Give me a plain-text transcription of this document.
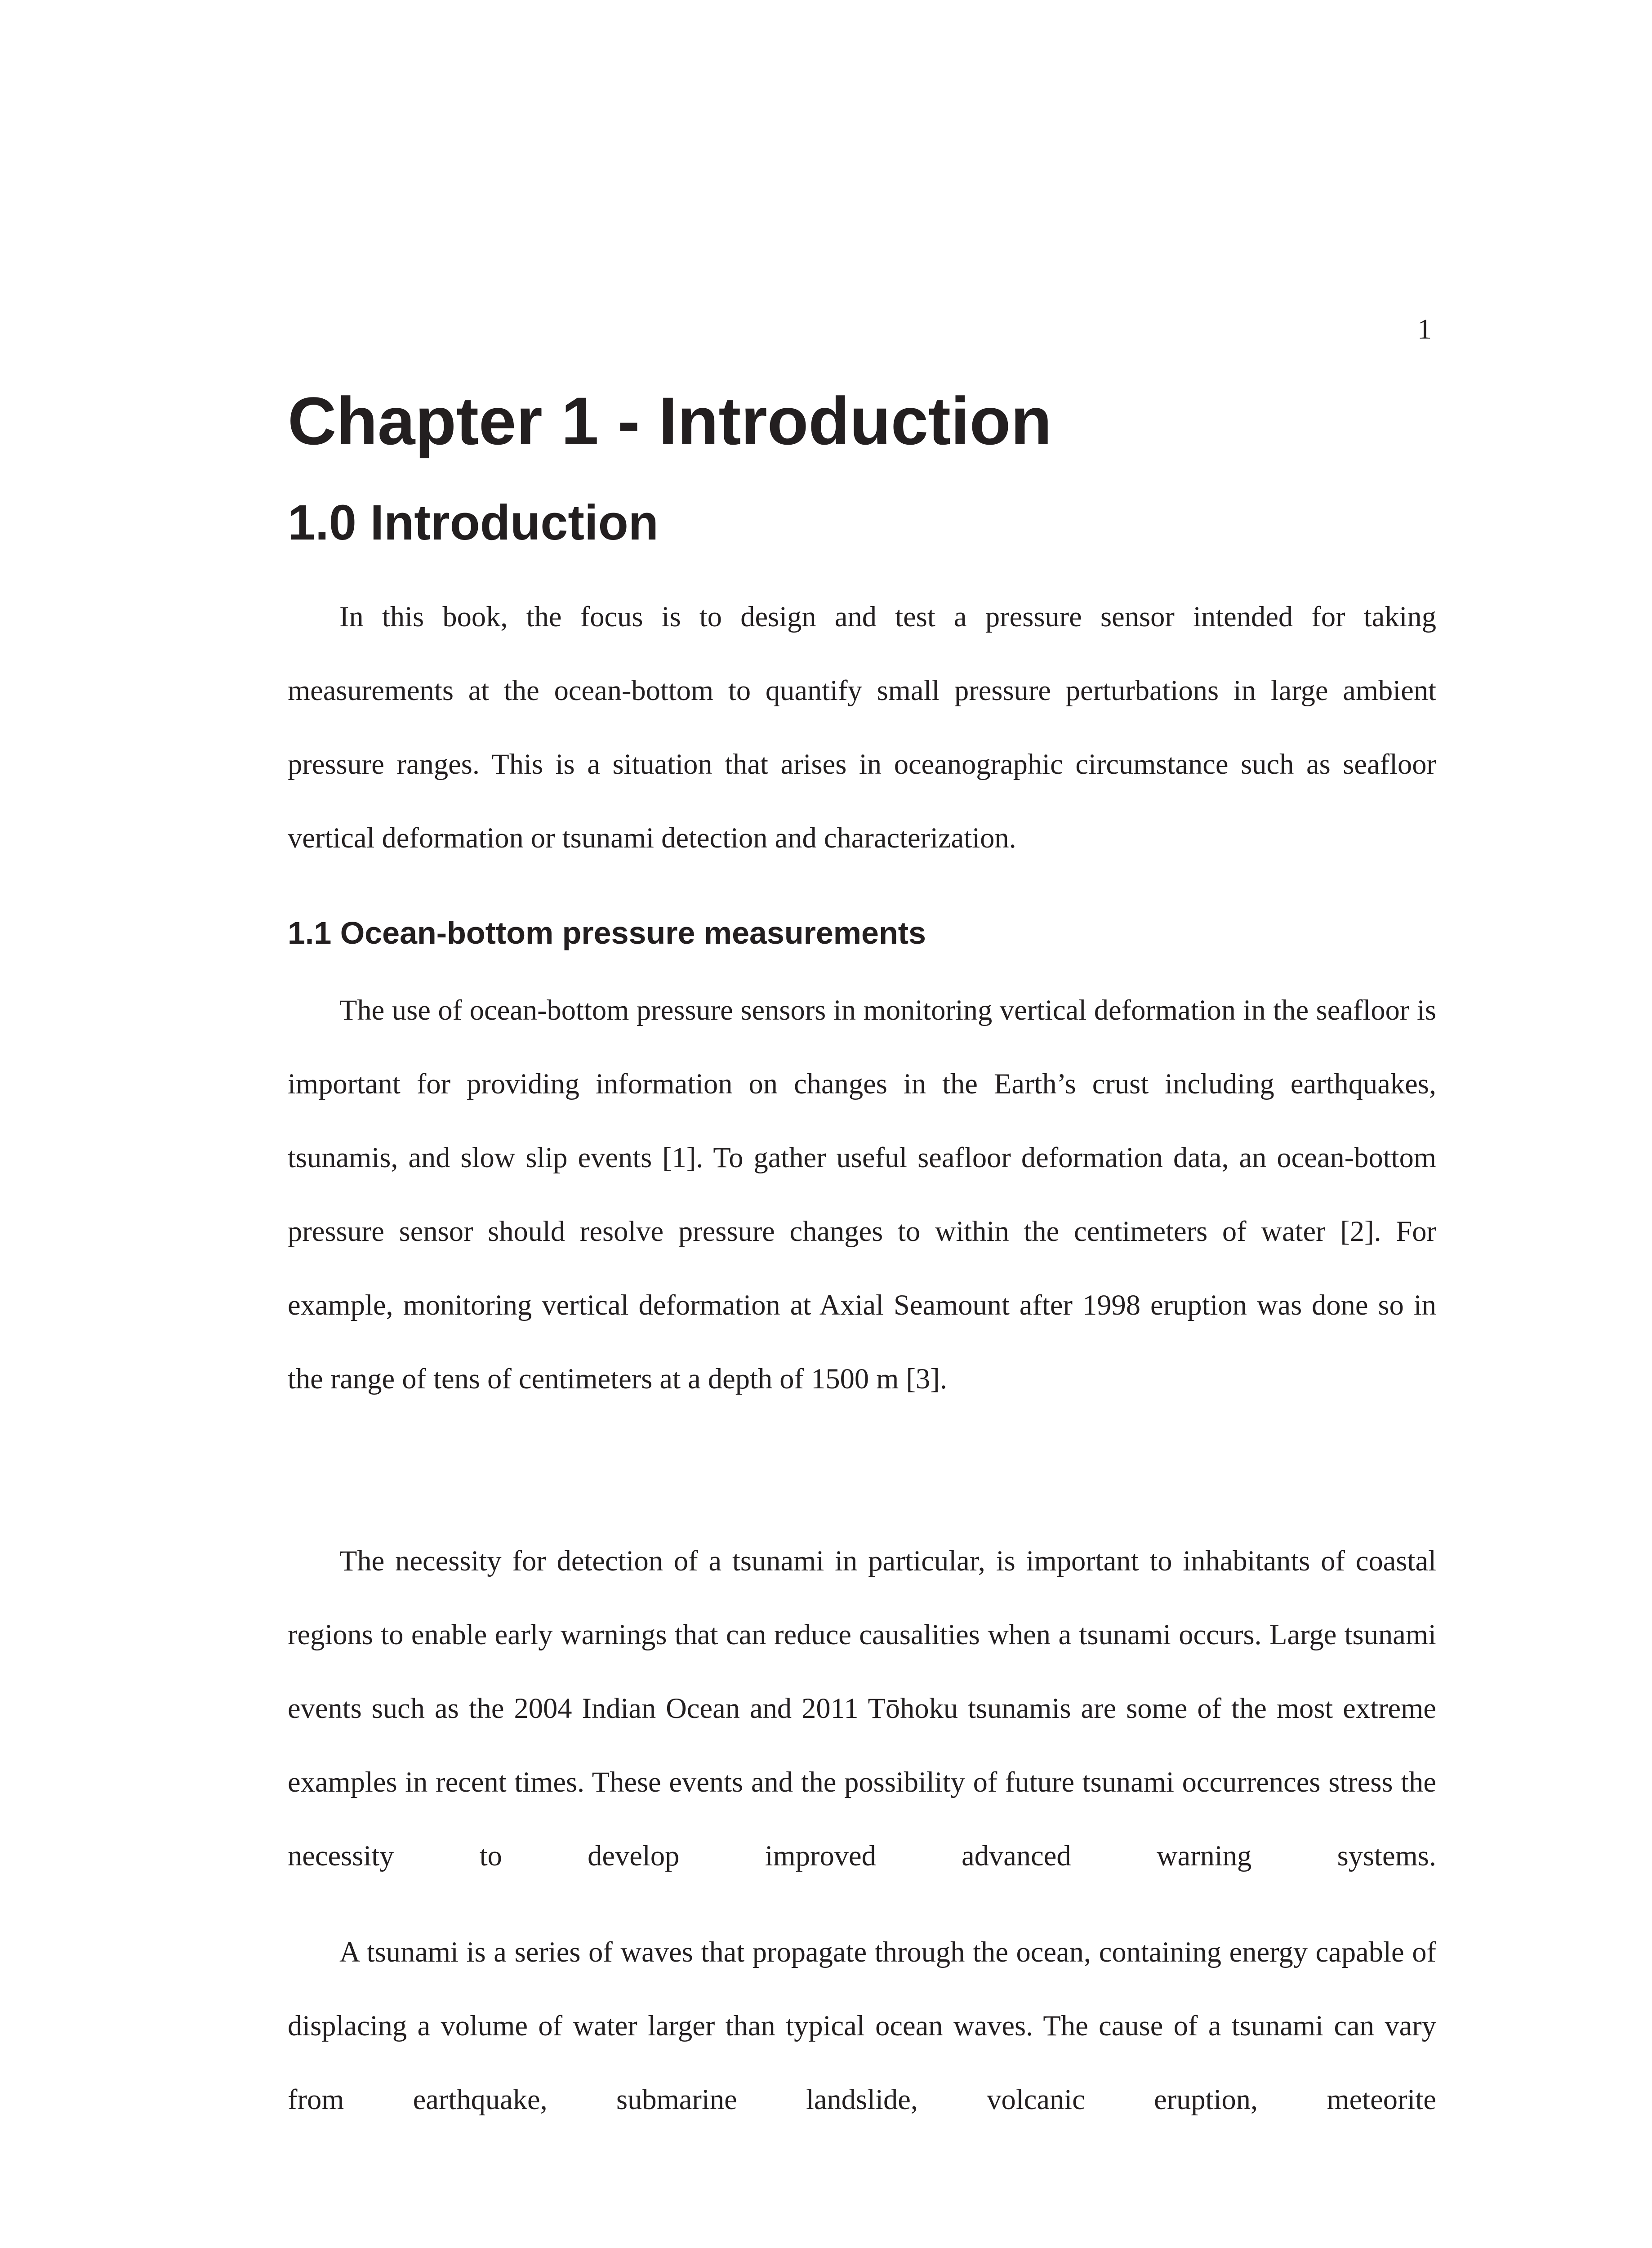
1
Chapter 1 - Introduction
1.0 Introduction

In this book, the focus is to design and test a pressure sensor intended for taking measurements at the ocean-bottom to quantify small pressure perturbations in large ambient pressure ranges. This is a situation that arises in oceanographic circumstance such as seafloor vertical deformation or tsunami detection and characterization.

1.1 Ocean-bottom pressure measurements

The use of ocean-bottom pressure sensors in monitoring vertical deformation in the seafloor is important for providing information on changes in the Earth’s crust including earthquakes, tsunamis, and slow slip events [1]. To gather useful seafloor deformation data, an ocean-bottom pressure sensor should resolve pressure changes to within the centimeters of water [2]. For example, monitoring vertical deformation at Axial Seamount after 1998 eruption was done so in the range of tens of centimeters at a depth of 1500 m [3].

The necessity for detection of a tsunami in particular, is important to inhabitants of coastal regions to enable early warnings that can reduce causalities when a tsunami occurs. Large tsunami events such as the 2004 Indian Ocean and 2011 Tōhoku tsunamis are some of the most extreme examples in recent times. These events and the possibility of future tsunami occurrences stress the necessity to develop improved advanced warning systems.

A tsunami is a series of waves that propagate through the ocean, containing energy capable of displacing a volume of water larger than typical ocean waves. The cause of a tsunami can vary from earthquake, submarine landslide, volcanic eruption, meteorite
